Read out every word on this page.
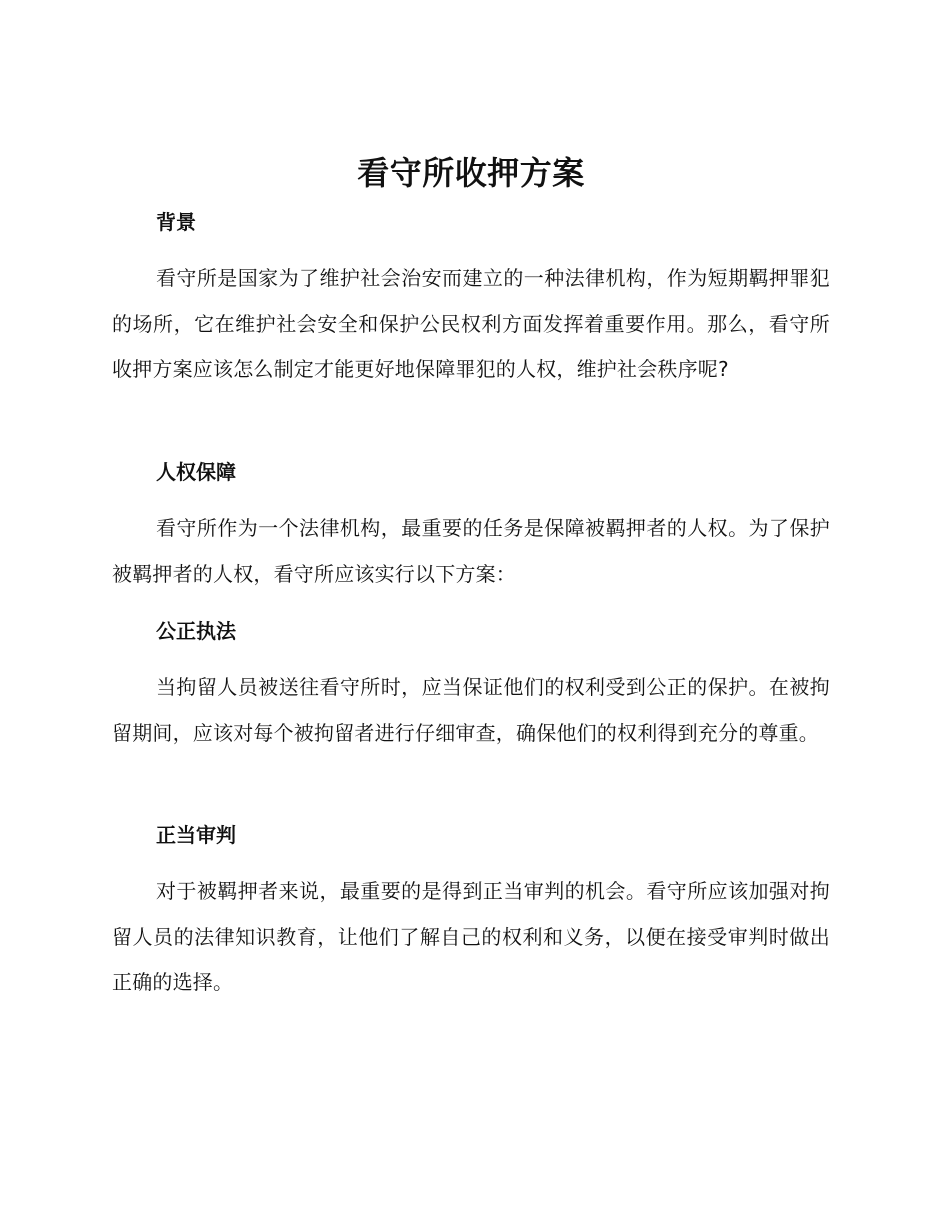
看守所收押方案
背景

看守所是国家为了维护社会治安而建立的一种法律机构，作为短期羁押罪犯的场所，它在维护社会安全和保护公民权利方面发挥着重要作用。那么，看守所收押方案应该怎么制定才能更好地保障罪犯的人权，维护社会秩序呢?

人权保障

看守所作为一个法律机构，最重要的任务是保障被羁押者的人权。为了保护被羁押者的人权，看守所应该实行以下方案：

公正执法

当拘留人员被送往看守所时，应当保证他们的权利受到公正的保护。在被拘留期间，应该对每个被拘留者进行仔细审查，确保他们的权利得到充分的尊重。

正当审判

对于被羁押者来说，最重要的是得到正当审判的机会。看守所应该加强对拘留人员的法律知识教育，让他们了解自己的权利和义务，以便在接受审判时做出正确的选择。
